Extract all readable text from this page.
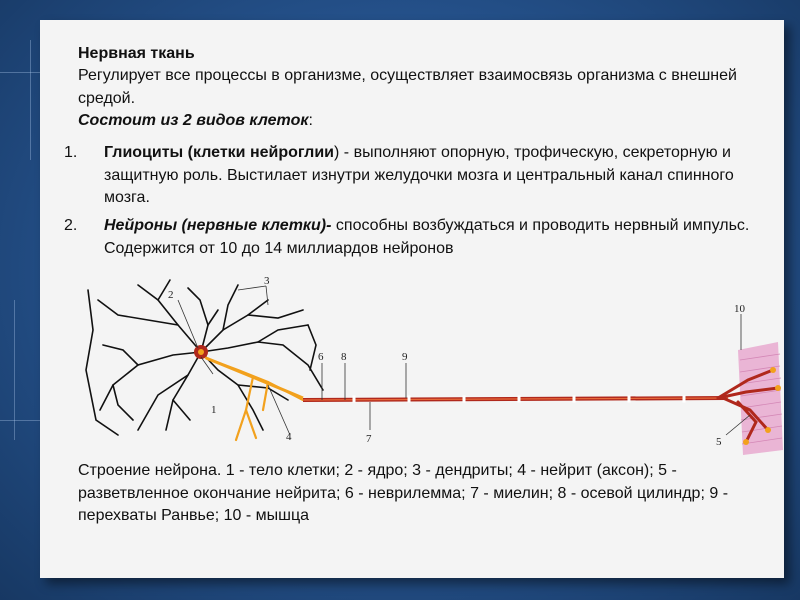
Нервная ткань
Регулирует все процессы в организме, осуществляет взаимосвязь организма с внешней средой.
Состоит из 2 видов клеток:
1. Глиоциты (клетки нейроглии) - выполняют опорную, трофическую, секреторную и защитную роль. Выстилает изнутри желудочки мозга и центральный канал спинного мозга.
2. Нейроны (нервные клетки)- способны возбуждаться и проводить нервный импульс. Содержится от 10 до 14 миллиардов нейронов
1
2
3
4	5
6
7
8	9
10
Строение нейрона. 1 - тело клетки; 2 - ядро; 3 - дендриты; 4 - нейрит (аксон); 5 - разветвленное окончание нейрита; 6 - неврилемма; 7 - миелин; 8 - осевой цилиндр; 9 - перехваты Ранвье; 10 - мышца
